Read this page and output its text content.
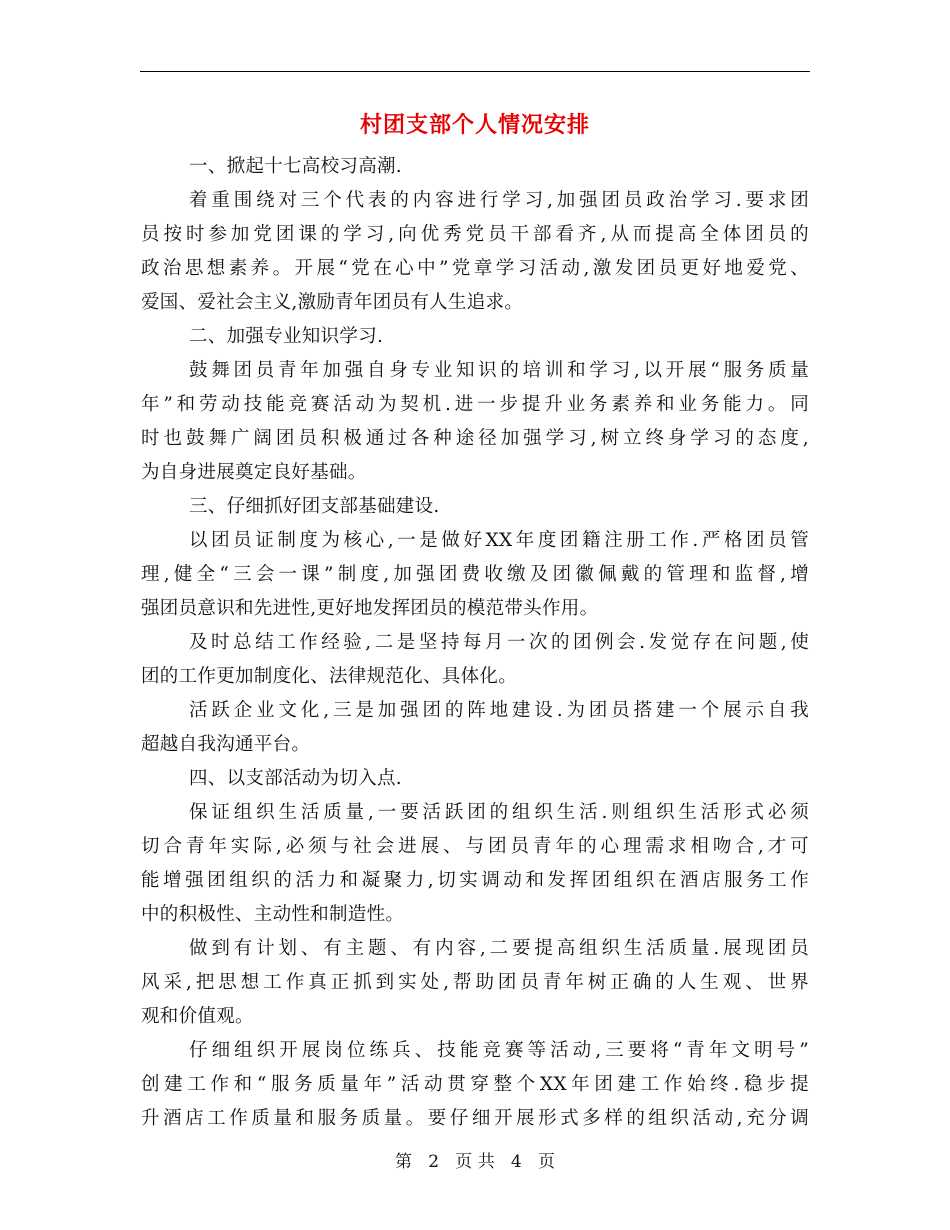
村团支部个人情况安排
一、掀起十七高校习高潮.
着重围绕对三个代表的内容进行学习,加强团员政治学习.要求团
员按时参加党团课的学习,向优秀党员干部看齐,从而提高全体团员的
政治思想素养。开展“党在心中”党章学习活动,激发团员更好地爱党、
爱国、爱社会主义,激励青年团员有人生追求。
二、加强专业知识学习.
鼓舞团员青年加强自身专业知识的培训和学习,以开展“服务质量
年”和劳动技能竞赛活动为契机.进一步提升业务素养和业务能力。同
时也鼓舞广阔团员积极通过各种途径加强学习,树立终身学习的态度,
为自身进展奠定良好基础。
三、仔细抓好团支部基础建设.
以团员证制度为核心,一是做好XX年度团籍注册工作.严格团员管
理,健全“三会一课”制度,加强团费收缴及团徽佩戴的管理和监督,增
强团员意识和先进性,更好地发挥团员的模范带头作用。
及时总结工作经验,二是坚持每月一次的团例会.发觉存在问题,使
团的工作更加制度化、法律规范化、具体化。
活跃企业文化,三是加强团的阵地建设.为团员搭建一个展示自我
超越自我沟通平台。
四、以支部活动为切入点.
保证组织生活质量,一要活跃团的组织生活.则组织生活形式必须
切合青年实际,必须与社会进展、与团员青年的心理需求相吻合,才可
能增强团组织的活力和凝聚力,切实调动和发挥团组织在酒店服务工作
中的积极性、主动性和制造性。
做到有计划、有主题、有内容,二要提高组织生活质量.展现团员
风采,把思想工作真正抓到实处,帮助团员青年树正确的人生观、世界
观和价值观。
仔细组织开展岗位练兵、技能竞赛等活动,三要将“青年文明号”
创建工作和“服务质量年”活动贯穿整个XX年团建工作始终.稳步提
升酒店工作质量和服务质量。要仔细开展形式多样的组织活动,充分调
第 2 页 共 4 页
